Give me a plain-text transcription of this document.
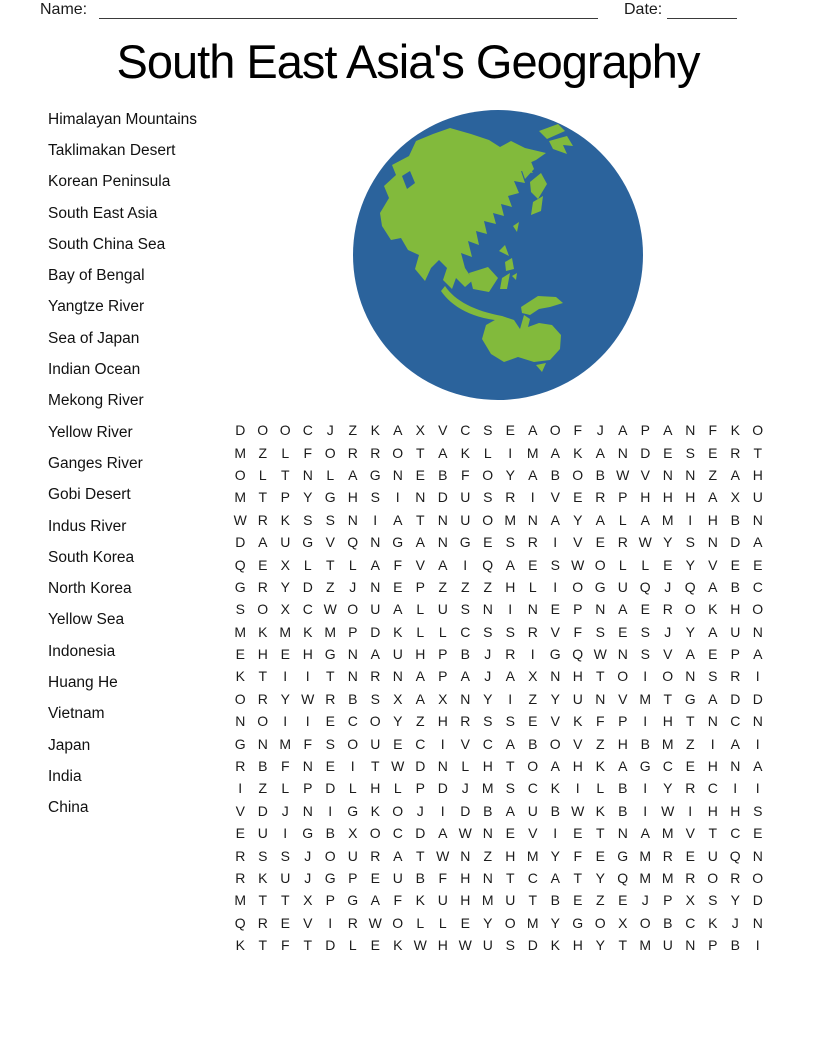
Name:	Date:
South East Asia's Geography
Himalayan Mountains
Taklimakan Desert
Korean Peninsula
South East Asia
South China Sea
Bay of Bengal
Yangtze River
Sea of Japan
Indian Ocean
Mekong River
Yellow River
Ganges River
Gobi Desert
Indus River
South Korea
North Korea
Yellow Sea
Indonesia
Huang He
Vietnam
Japan
India
China
D O O C J	Z K A X V C S E A O F	J	A P A N F K O
M Z	L	F O R R O T A K L	I	M A K A N D E S E R T
O L	T N L A G N E B F O Y A B O B W V N N Z A H
M T P Y G H S	I	N D U S R	I	V E R P H H H A X U
W R K S S N	I	A T N U O M N A Y A L A M	I	H B N
D A U G V Q N G A N G E S R	I	V E R W Y S N D A
Q E X L	T	L A F V A	I	Q A E S W O L	L E Y V E E
G R Y D Z	J N E P Z Z Z H L	I	O G U Q J Q A B C
S O X C W O U A L U S N	I	N E P N A E R O K H O
M K M K M P D K L	L C S S R V F S E S	J	Y A U N
E H E H G N A U H P B	J R	I	G Q W N S V A E P A
K T	I	I	T N R N A P A	J	A X N H T O	I	O N S R	I
O R Y W R B S X A X N Y	I	Z Y U N V M T G A D D
N O	I	I	E C O Y Z H R S S E V K F P	I	H T N C N
G N M F S O U E C	I	V C A B O V Z H B M Z	I	A	I
R B F N E	I	T W D N L H T O A H K A G C E H N A
I	Z	L P D L H L P D J M S C K	I	L B	I	Y R C	I	I
V D J N	I	G K O J	I	D B A U B W K B	I W I	H H S
E U	I	G B X O C D A W N E V	I	E T N A M V T C E
R S S	J O U R A T W N Z H M Y F E G M R E U Q N
R K U J G P E U B F H N T C A T Y Q M M R O R O
M T T X P G A F K U H M U T B E Z E	J	P X S Y D
Q R E V	I	R W O L	L E Y O M Y G O X O B C K	J N
K T F T D L E K W H W U S D K H Y T M U N P B	I
